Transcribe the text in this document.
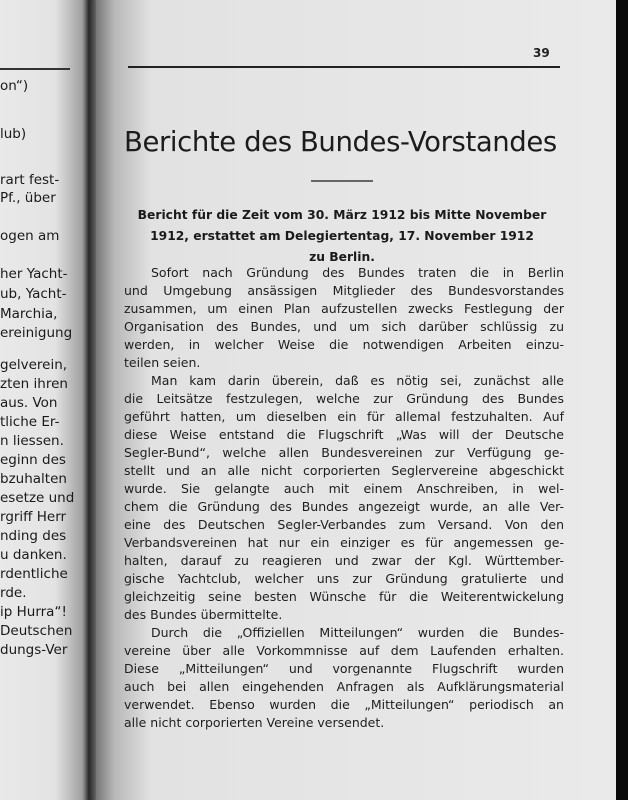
on“)
lub)
rart fest-
Pf., über
ogen am
her Yacht-
ub, Yacht-
Marchia,
ereinigung
gelverein,
zten ihren
aus. Von
tliche Er-
n liessen.
eginn des
bzuhalten
esetze und
rgriff Herr
nding des
u danken.
rdentliche
rde.
ip Hurra“!
Deutschen
dungs-Ver
39
Berichte des Bundes-Vorstandes
Bericht für die Zeit vom 30. März 1912 bis Mitte November
1912, erstattet am Delegiertentag, 17. November 1912
zu Berlin.
Sofort nach Gründung des Bundes traten die in Berlin
und Umgebung ansässigen Mitglieder des Bundesvorstandes
zusammen, um einen Plan aufzustellen zwecks Festlegung der
Organisation des Bundes, und um sich darüber schlüssig zu
werden, in welcher Weise die notwendigen Arbeiten einzu-
teilen seien.
Man kam darin überein, daß es nötig sei, zunächst alle
die Leitsätze festzulegen, welche zur Gründung des Bundes
geführt hatten, um dieselben ein für allemal festzuhalten. Auf
diese Weise entstand die Flugschrift „Was will der Deutsche
Segler-Bund“, welche allen Bundesvereinen zur Verfügung ge-
stellt und an alle nicht corporierten Seglervereine abgeschickt
wurde. Sie gelangte auch mit einem Anschreiben, in wel-
chem die Gründung des Bundes angezeigt wurde, an alle Ver-
eine des Deutschen Segler-Verbandes zum Versand. Von den
Verbandsvereinen hat nur ein einziger es für angemessen ge-
halten, darauf zu reagieren und zwar der Kgl. Württember-
gische Yachtclub, welcher uns zur Gründung gratulierte und
gleichzeitig seine besten Wünsche für die Weiterentwickelung
des Bundes übermittelte.
Durch die „Offiziellen Mitteilungen“ wurden die Bundes-
vereine über alle Vorkommnisse auf dem Laufenden erhalten.
Diese „Mitteilungen“ und vorgenannte Flugschrift wurden
auch bei allen eingehenden Anfragen als Aufklärungsmaterial
verwendet. Ebenso wurden die „Mitteilungen“ periodisch an
alle nicht corporierten Vereine versendet.
